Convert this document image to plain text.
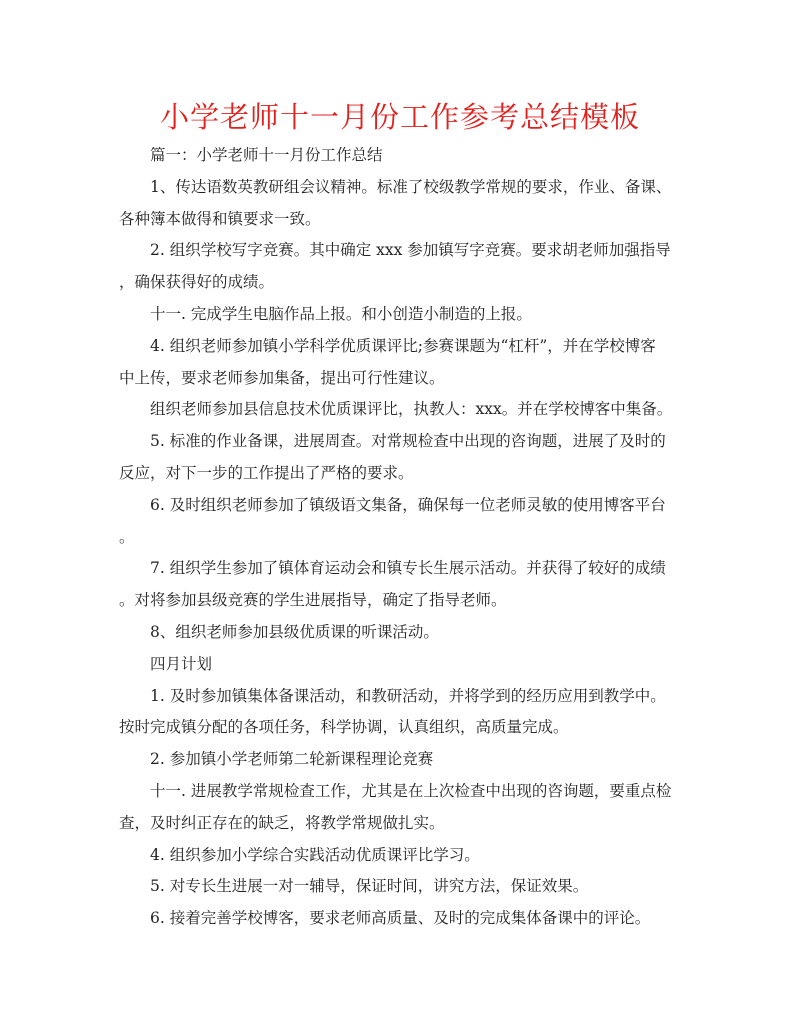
小学老师十一月份工作参考总结模板
篇一：小学老师十一月份工作总结
1、传达语数英教研组会议精神。标准了校级教学常规的要求，作业、备课、
各种簿本做得和镇要求一致。
2. 组织学校写字竞赛。其中确定 xxx 参加镇写字竞赛。要求胡老师加强指导
，确保获得好的成绩。
十一. 完成学生电脑作品上报。和小创造小制造的上报。
4. 组织老师参加镇小学科学优质课评比;参赛课题为“杠杆”，并在学校博客
中上传，要求老师参加集备，提出可行性建议。
组织老师参加县信息技术优质课评比，执教人：xxx。并在学校博客中集备。
5. 标准的作业备课，进展周查。对常规检查中出现的咨询题，进展了及时的
反应，对下一步的工作提出了严格的要求。
6. 及时组织老师参加了镇级语文集备，确保每一位老师灵敏的使用博客平台
。
7. 组织学生参加了镇体育运动会和镇专长生展示活动。并获得了较好的成绩
。对将参加县级竞赛的学生进展指导，确定了指导老师。
8、组织老师参加县级优质课的听课活动。
四月计划
1. 及时参加镇集体备课活动，和教研活动，并将学到的经历应用到教学中。
按时完成镇分配的各项任务，科学协调，认真组织，高质量完成。
2. 参加镇小学老师第二轮新课程理论竞赛
十一. 进展教学常规检查工作，尤其是在上次检查中出现的咨询题，要重点检
查，及时纠正存在的缺乏，将教学常规做扎实。
4. 组织参加小学综合实践活动优质课评比学习。
5. 对专长生进展一对一辅导，保证时间，讲究方法，保证效果。
6. 接着完善学校博客，要求老师高质量、及时的完成集体备课中的评论。
